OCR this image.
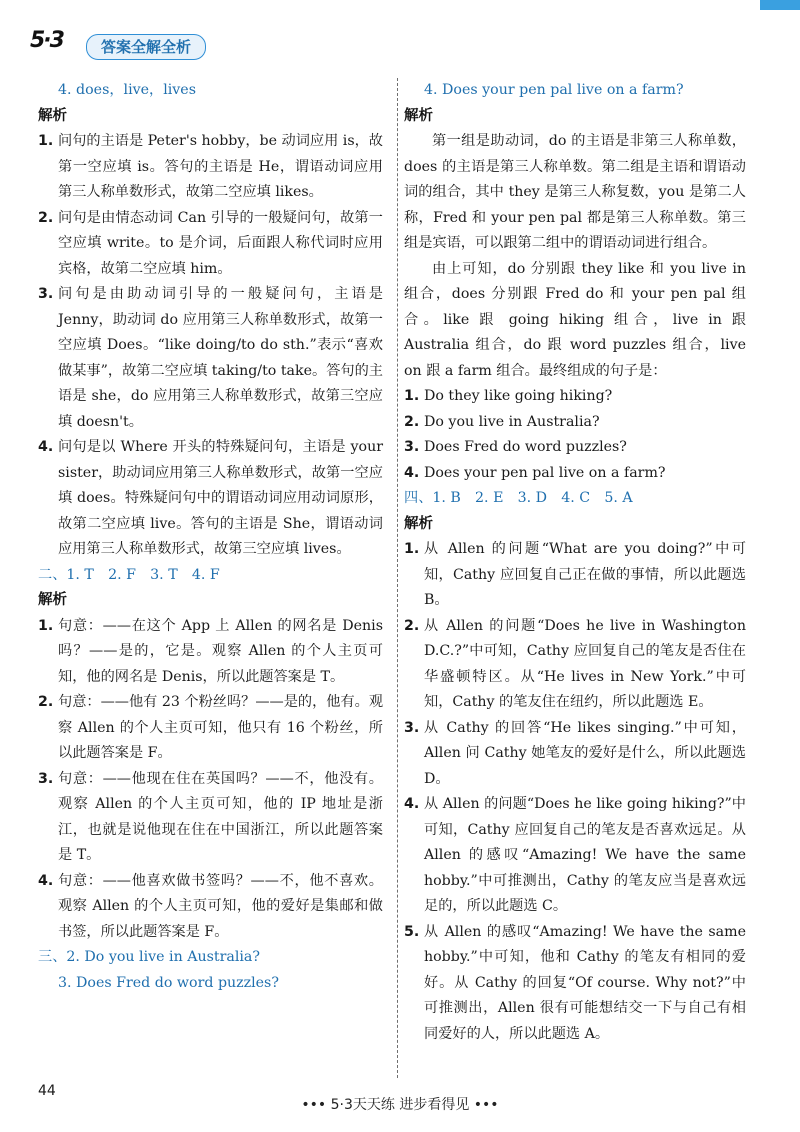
5·3	答案全解全析
4. does，live，lives
解析
1. 问句的主语是 Peter's hobby，be 动词应用 is，故第一空应填 is。答句的主语是 He，谓语动词应用第三人称单数形式，故第二空应填 likes。
2. 问句是由情态动词 Can 引导的一般疑问句，故第一空应填 write。to 是介词，后面跟人称代词时应用宾格，故第二空应填 him。
3. 问句是由助动词引导的一般疑问句，主语是 Jenny，助动词 do 应用第三人称单数形式，故第一空应填 Does。“like doing/to do sth.”表示“喜欢做某事”，故第二空应填 taking/to take。答句的主语是 she，do 应用第三人称单数形式，故第三空应填 doesn't。
4. 问句是以 Where 开头的特殊疑问句，主语是 your sister，助动词应用第三人称单数形式，故第一空应填 does。特殊疑问句中的谓语动词应用动词原形，故第二空应填 live。答句的主语是 She，谓语动词应用第三人称单数形式，故第三空应填 lives。
二、1. T　2. F　3. T　4. F
解析
1. 句意：——在这个 App 上 Allen 的网名是 Denis 吗？——是的，它是。观察 Allen 的个人主页可知，他的网名是 Denis，所以此题答案是 T。
2. 句意：——他有 23 个粉丝吗？——是的，他有。观察 Allen 的个人主页可知，他只有 16 个粉丝，所以此题答案是 F。
3. 句意：——他现在住在英国吗？——不，他没有。观察 Allen 的个人主页可知，他的 IP 地址是浙江，也就是说他现在住在中国浙江，所以此题答案是 T。
4. 句意：——他喜欢做书签吗？——不，他不喜欢。观察 Allen 的个人主页可知，他的爱好是集邮和做书签，所以此题答案是 F。
三、2. Do you live in Australia?
3. Does Fred do word puzzles?
4. Does your pen pal live on a farm?
解析
第一组是助动词，do 的主语是非第三人称单数，does 的主语是第三人称单数。第二组是主语和谓语动词的组合，其中 they 是第三人称复数，you 是第二人称，Fred 和 your pen pal 都是第三人称单数。第三组是宾语，可以跟第二组中的谓语动词进行组合。
由上可知，do 分别跟 they like 和 you live in 组合，does 分别跟 Fred do 和 your pen pal 组合。like 跟 going hiking 组合，live in 跟 Australia 组合，do 跟 word puzzles 组合，live on 跟 a farm 组合。最终组成的句子是：
1. Do they like going hiking?
2. Do you live in Australia?
3. Does Fred do word puzzles?
4. Does your pen pal live on a farm?
四、1. B　2. E　3. D　4. C　5. A
解析
1. 从 Allen 的问题“What are you doing?”中可知，Cathy 应回复自己正在做的事情，所以此题选 B。
2. 从 Allen 的问题“Does he live in Washington D.C.?”中可知，Cathy 应回复自己的笔友是否住在华盛顿特区。从“He lives in New York.”中可知，Cathy 的笔友住在纽约，所以此题选 E。
3. 从 Cathy 的回答“He likes singing.”中可知，Allen 问 Cathy 她笔友的爱好是什么，所以此题选 D。
4. 从 Allen 的问题“Does he like going hiking?”中可知，Cathy 应回复自己的笔友是否喜欢远足。从 Allen 的感叹“Amazing! We have the same hobby.”中可推测出，Cathy 的笔友应当是喜欢远足的，所以此题选 C。
5. 从 Allen 的感叹“Amazing! We have the same hobby.”中可知，他和 Cathy 的笔友有相同的爱好。从 Cathy 的回复“Of course. Why not?”中可推测出，Allen 很有可能想结交一下与自己有相同爱好的人，所以此题选 A。
44
••• 5·3天天练 进步看得见 •••
